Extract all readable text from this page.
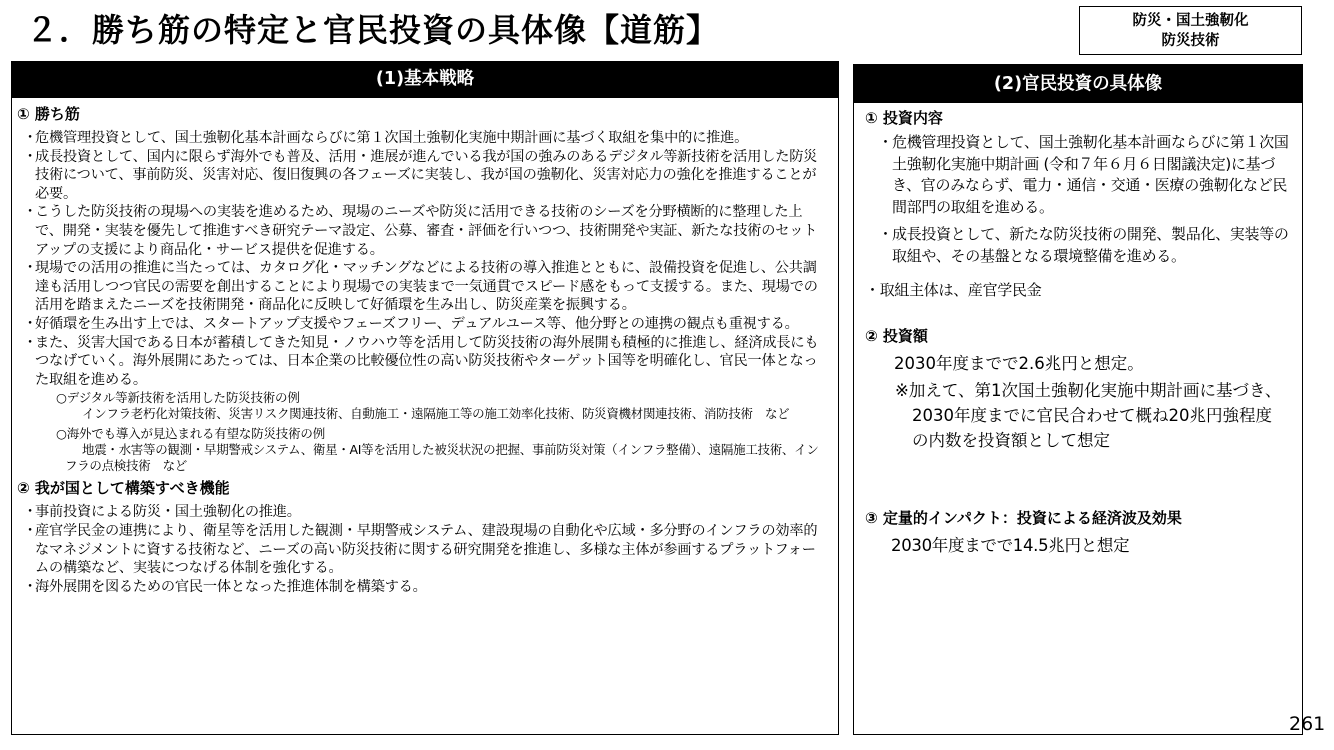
２．勝ち筋の特定と官民投資の具体像【道筋】	防災・国土強靭化
防災技術
(1)基本戦略
① 勝ち筋
・危機管理投資として、国土強靭化基本計画ならびに第１次国土強靭化実施中期計画に基づく取組を集中的に推進。
・成長投資として、国内に限らず海外でも普及、活用・進展が進んでいる我が国の強みのあるデジタル等新技術を活用した防災技術について、事前防災、災害対応、復旧復興の各フェーズに実装し、我が国の強靭化、災害対応力の強化を推進することが必要。
・こうした防災技術の現場への実装を進めるため、現場のニーズや防災に活用できる技術のシーズを分野横断的に整理した上で、開発・実装を優先して推進すべき研究テーマ設定、公募、審査・評価を行いつつ、技術開発や実証、新たな技術のセットアップの支援により商品化・サービス提供を促進する。
・現場での活用の推進に当たっては、カタログ化・マッチングなどによる技術の導入推進とともに、設備投資を促進し、公共調達も活用しつつ官民の需要を創出することにより現場での実装まで一気通貫でスピード感をもって支援する。また、現場での活用を踏まえたニーズを技術開発・商品化に反映して好循環を生み出し、防災産業を振興する。
・好循環を生み出す上では、スタートアップ支援やフェーズフリー、デュアルユース等、他分野との連携の観点も重視する。
・また、災害大国である日本が蓄積してきた知見・ノウハウ等を活用して防災技術の海外展開も積極的に推進し、経済成長にもつなげていく。海外展開にあたっては、日本企業の比較優位性の高い防災技術やターゲット国等を明確化し、官民一体となった取組を進める。
○デジタル等新技術を活用した防災技術の例
インフラ老朽化対策技術、災害リスク関連技術、自動施工・遠隔施工等の施工効率化技術、防災資機材関連技術、消防技術　など
○海外でも導入が見込まれる有望な防災技術の例
地震・水害等の観測・早期警戒システム、衛星・AI等を活用した被災状況の把握、事前防災対策（インフラ整備）、遠隔施工技術、インフラの点検技術　など
② 我が国として構築すべき機能
・事前投資による防災・国土強靭化の推進。
・産官学民金の連携により、衛星等を活用した観測・早期警戒システム、建設現場の自動化や広域・多分野のインフラの効率的なマネジメントに資する技術など、ニーズの高い防災技術に関する研究開発を推進し、多様な主体が参画するプラットフォームの構築など、実装につなげる体制を強化する。
・海外展開を図るための官民一体となった推進体制を構築する。
(2)官民投資の具体像
① 投資内容
・危機管理投資として、国土強靭化基本計画ならびに第１次国土強靭化実施中期計画 (令和７年６月６日閣議決定)に基づき、官のみならず、電力・通信・交通・医療の強靭化など民間部門の取組を進める。
・成長投資として、新たな防災技術の開発、製品化、実装等の取組や、その基盤となる環境整備を進める。
・取組主体は、産官学民金
② 投資額
2030年度までで2.6兆円と想定。
※加えて、第1次国土強靭化実施中期計画に基づき、2030年度までに官民合わせて概ね20兆円強程度の内数を投資額として想定
③ 定量的インパクト：投資による経済波及効果
2030年度までで14.5兆円と想定
261
